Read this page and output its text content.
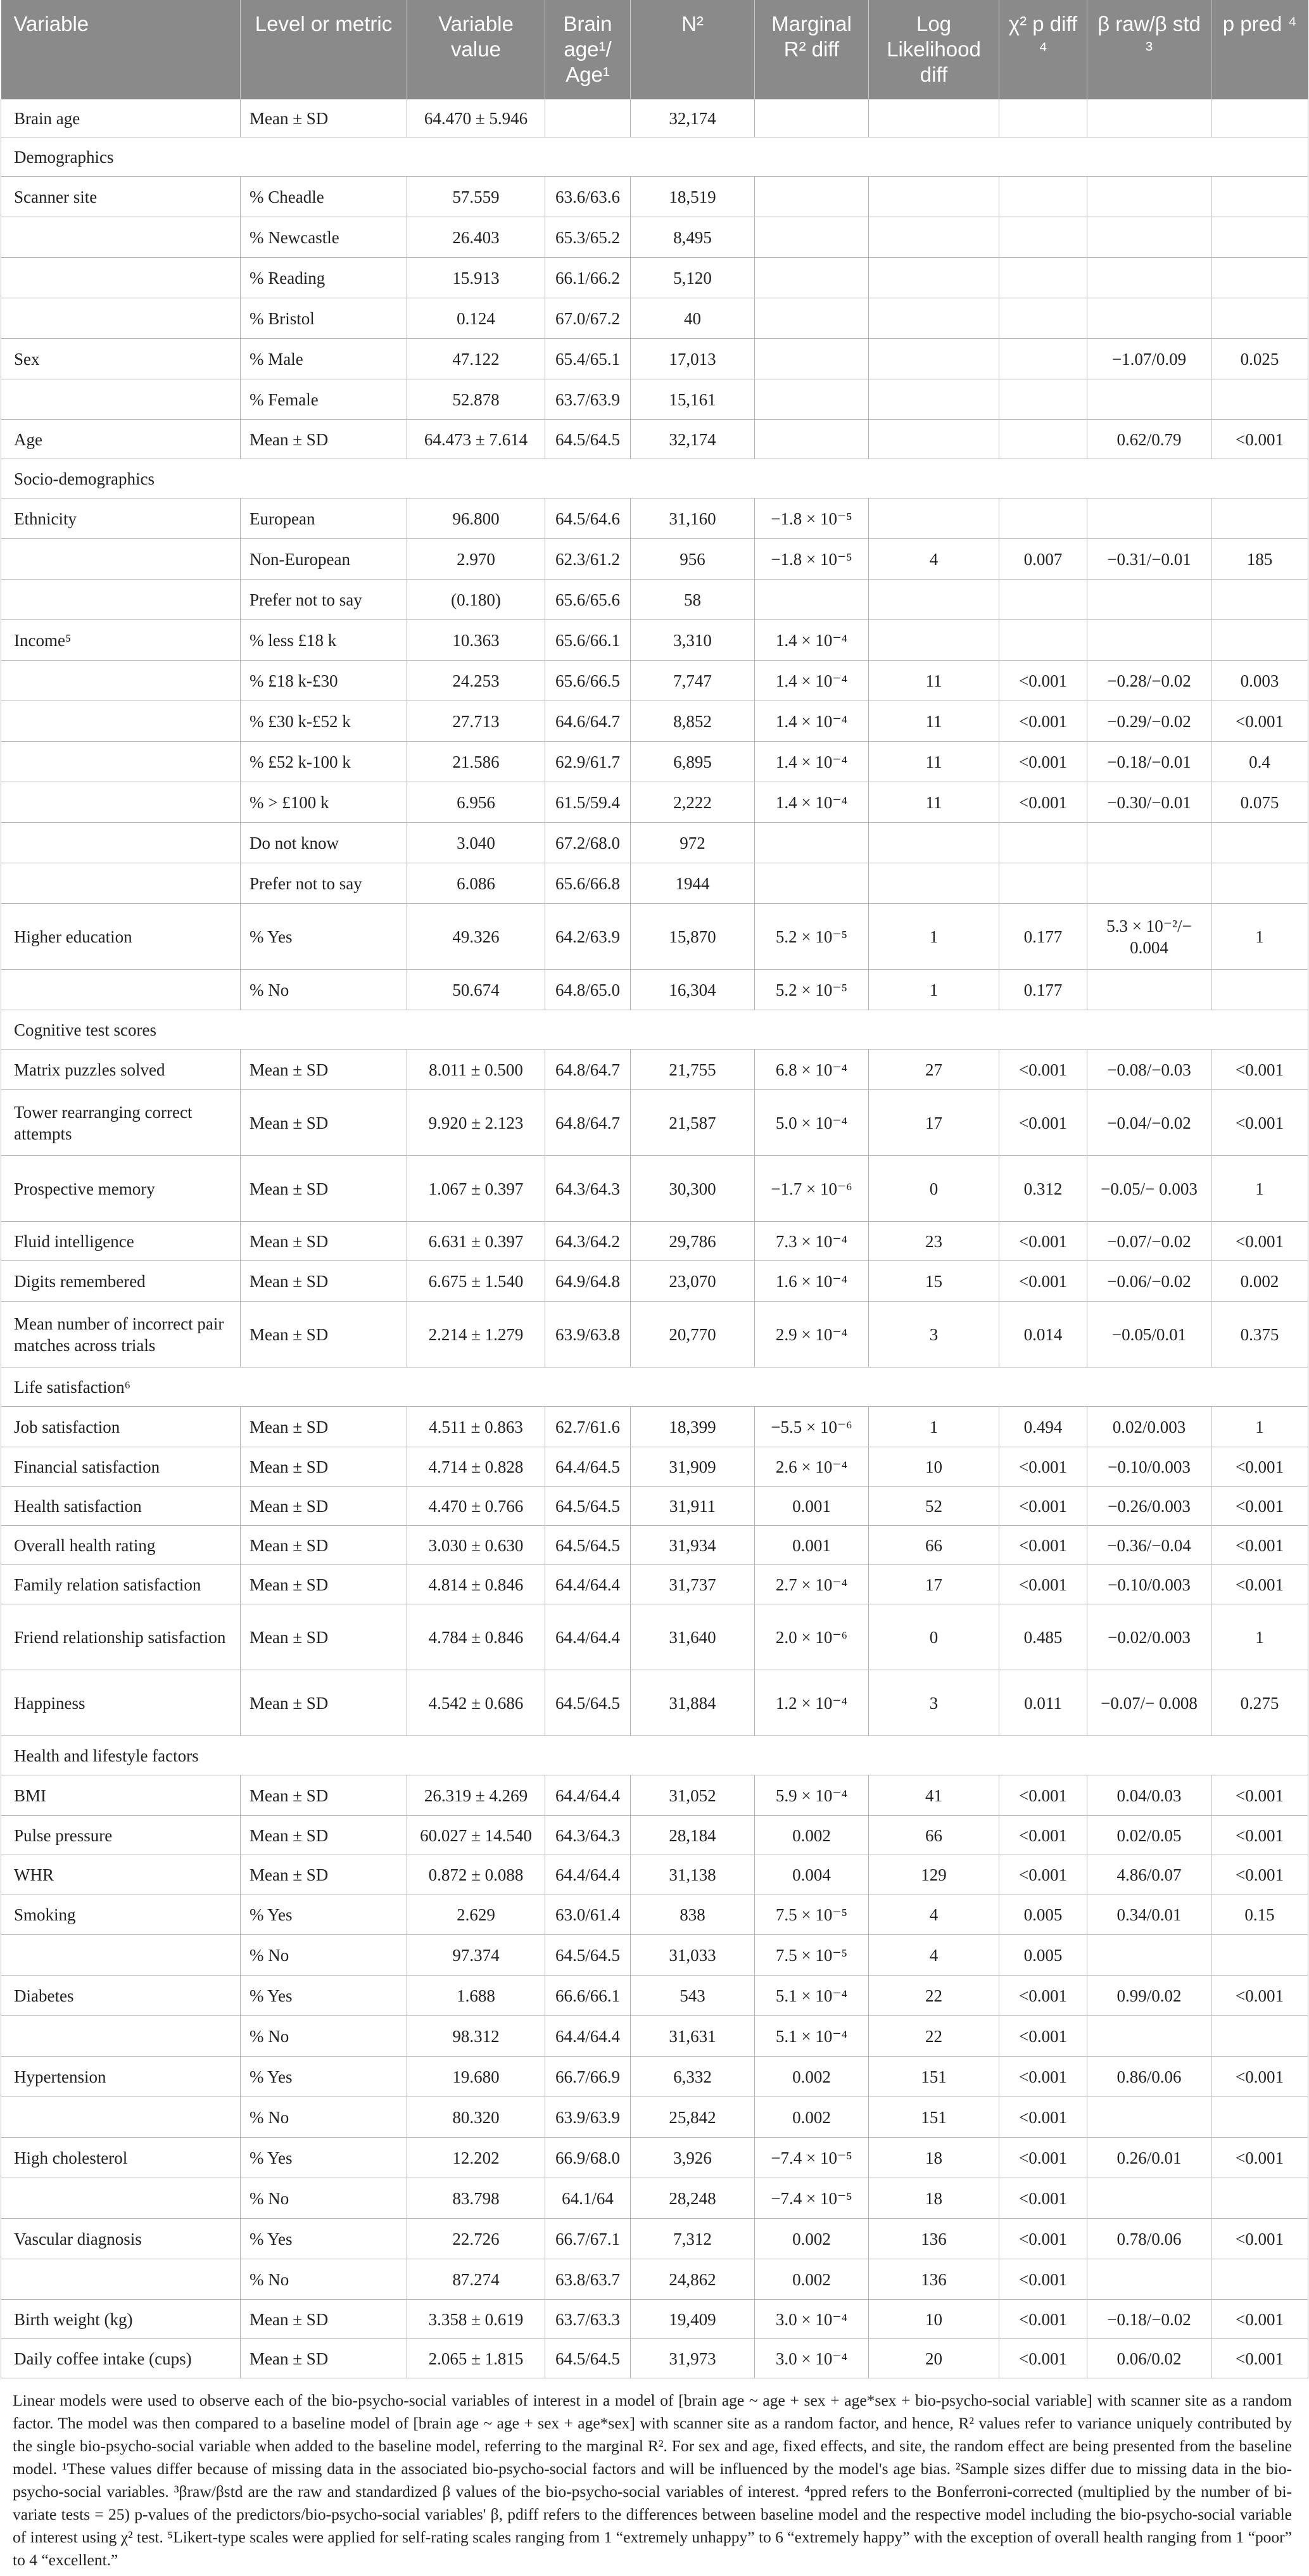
Variable	Level or metric	Variable value	Brain age¹/ Age¹	N²	Marginal R² diff	Log Likelihood diff	χ² p diff ⁴	β raw/β std ³	p pred ⁴
Brain age	Mean ± SD	64.470 ± 5.946		32,174					
Demographics									
Scanner site	% Cheadle	57.559	63.6/63.6	18,519					
	% Newcastle	26.403	65.3/65.2	8,495					
	% Reading	15.913	66.1/66.2	5,120					
	% Bristol	0.124	67.0/67.2	40					
Sex	% Male	47.122	65.4/65.1	17,013				−1.07/0.09	0.025
	% Female	52.878	63.7/63.9	15,161					
Age	Mean ± SD	64.473 ± 7.614	64.5/64.5	32,174				0.62/0.79	<0.001
Socio-demographics									
Ethnicity	European	96.800	64.5/64.6	31,160	−1.8 × 10⁻⁵				
	Non-European	2.970	62.3/61.2	956	−1.8 × 10⁻⁵	4	0.007	−0.31/−0.01	185
	Prefer not to say	(0.180)	65.6/65.6	58					
Income⁵	% less £18 k	10.363	65.6/66.1	3,310	1.4 × 10⁻⁴				
	% £18 k-£30	24.253	65.6/66.5	7,747	1.4 × 10⁻⁴	11	<0.001	−0.28/−0.02	0.003
	% £30 k-£52 k	27.713	64.6/64.7	8,852	1.4 × 10⁻⁴	11	<0.001	−0.29/−0.02	<0.001
	% £52 k-100 k	21.586	62.9/61.7	6,895	1.4 × 10⁻⁴	11	<0.001	−0.18/−0.01	0.4
	% > £100 k	6.956	61.5/59.4	2,222	1.4 × 10⁻⁴	11	<0.001	−0.30/−0.01	0.075
	Do not know	3.040	67.2/68.0	972					
	Prefer not to say	6.086	65.6/66.8	1944					
Higher education	% Yes	49.326	64.2/63.9	15,870	5.2 × 10⁻⁵	1	0.177	5.3 × 10⁻²/− 0.004	1
	% No	50.674	64.8/65.0	16,304	5.2 × 10⁻⁵	1	0.177		
Cognitive test scores									
Matrix puzzles solved	Mean ± SD	8.011 ± 0.500	64.8/64.7	21,755	6.8 × 10⁻⁴	27	<0.001	−0.08/−0.03	<0.001
Tower rearranging correct attempts	Mean ± SD	9.920 ± 2.123	64.8/64.7	21,587	5.0 × 10⁻⁴	17	<0.001	−0.04/−0.02	<0.001
Prospective memory	Mean ± SD	1.067 ± 0.397	64.3/64.3	30,300	−1.7 × 10⁻⁶	0	0.312	−0.05/− 0.003	1
Fluid intelligence	Mean ± SD	6.631 ± 0.397	64.3/64.2	29,786	7.3 × 10⁻⁴	23	<0.001	−0.07/−0.02	<0.001
Digits remembered	Mean ± SD	6.675 ± 1.540	64.9/64.8	23,070	1.6 × 10⁻⁴	15	<0.001	−0.06/−0.02	0.002
Mean number of incorrect pair matches across trials	Mean ± SD	2.214 ± 1.279	63.9/63.8	20,770	2.9 × 10⁻⁴	3	0.014	−0.05/0.01	0.375
Life satisfaction⁶									
Job satisfaction	Mean ± SD	4.511 ± 0.863	62.7/61.6	18,399	−5.5 × 10⁻⁶	1	0.494	0.02/0.003	1
Financial satisfaction	Mean ± SD	4.714 ± 0.828	64.4/64.5	31,909	2.6 × 10⁻⁴	10	<0.001	−0.10/0.003	<0.001
Health satisfaction	Mean ± SD	4.470 ± 0.766	64.5/64.5	31,911	0.001	52	<0.001	−0.26/0.003	<0.001
Overall health rating	Mean ± SD	3.030 ± 0.630	64.5/64.5	31,934	0.001	66	<0.001	−0.36/−0.04	<0.001
Family relation satisfaction	Mean ± SD	4.814 ± 0.846	64.4/64.4	31,737	2.7 × 10⁻⁴	17	<0.001	−0.10/0.003	<0.001
Friend relationship satisfaction	Mean ± SD	4.784 ± 0.846	64.4/64.4	31,640	2.0 × 10⁻⁶	0	0.485	−0.02/0.003	1
Happiness	Mean ± SD	4.542 ± 0.686	64.5/64.5	31,884	1.2 × 10⁻⁴	3	0.011	−0.07/− 0.008	0.275
Health and lifestyle factors									
BMI	Mean ± SD	26.319 ± 4.269	64.4/64.4	31,052	5.9 × 10⁻⁴	41	<0.001	0.04/0.03	<0.001
Pulse pressure	Mean ± SD	60.027 ± 14.540	64.3/64.3	28,184	0.002	66	<0.001	0.02/0.05	<0.001
WHR	Mean ± SD	0.872 ± 0.088	64.4/64.4	31,138	0.004	129	<0.001	4.86/0.07	<0.001
Smoking	% Yes	2.629	63.0/61.4	838	7.5 × 10⁻⁵	4	0.005	0.34/0.01	0.15
	% No	97.374	64.5/64.5	31,033	7.5 × 10⁻⁵	4	0.005		
Diabetes	% Yes	1.688	66.6/66.1	543	5.1 × 10⁻⁴	22	<0.001	0.99/0.02	<0.001
	% No	98.312	64.4/64.4	31,631	5.1 × 10⁻⁴	22	<0.001		
Hypertension	% Yes	19.680	66.7/66.9	6,332	0.002	151	<0.001	0.86/0.06	<0.001
	% No	80.320	63.9/63.9	25,842	0.002	151	<0.001		
High cholesterol	% Yes	12.202	66.9/68.0	3,926	−7.4 × 10⁻⁵	18	<0.001	0.26/0.01	<0.001
	% No	83.798	64.1/64	28,248	−7.4 × 10⁻⁵	18	<0.001		
Vascular diagnosis	% Yes	22.726	66.7/67.1	7,312	0.002	136	<0.001	0.78/0.06	<0.001
	% No	87.274	63.8/63.7	24,862	0.002	136	<0.001		
Birth weight (kg)	Mean ± SD	3.358 ± 0.619	63.7/63.3	19,409	3.0 × 10⁻⁴	10	<0.001	−0.18/−0.02	<0.001
Daily coffee intake (cups)	Mean ± SD	2.065 ± 1.815	64.5/64.5	31,973	3.0 × 10⁻⁴	20	<0.001	0.06/0.02	<0.001
Linear models were used to observe each of the bio-psycho-social variables of interest in a model of [brain age ~ age + sex + age*sex + bio-psycho-social variable] with scanner site as a random factor. The model was then compared to a baseline model of [brain age ~ age + sex + age*sex] with scanner site as a random factor, and hence, R² values refer to variance uniquely contributed by the single bio-psycho-social variable when added to the baseline model, referring to the marginal R². For sex and age, fixed effects, and site, the random effect are being presented from the baseline model. ¹These values differ because of missing data in the associated bio-psycho-social factors and will be influenced by the model's age bias. ²Sample sizes differ due to missing data in the bio-psycho-social variables. ³βraw/βstd are the raw and standardized β values of the bio-psycho-social variables of interest. ⁴ppred refers to the Bonferroni-corrected (multiplied by the number of bi-variate tests = 25) p-values of the predictors/bio-psycho-social variables' β, pdiff refers to the differences between baseline model and the respective model including the bio-psycho-social variable of interest using χ² test. ⁵Likert-type scales were applied for self-rating scales ranging from 1 “extremely unhappy” to 6 “extremely happy” with the exception of overall health ranging from 1 “poor” to 4 “excellent.”
